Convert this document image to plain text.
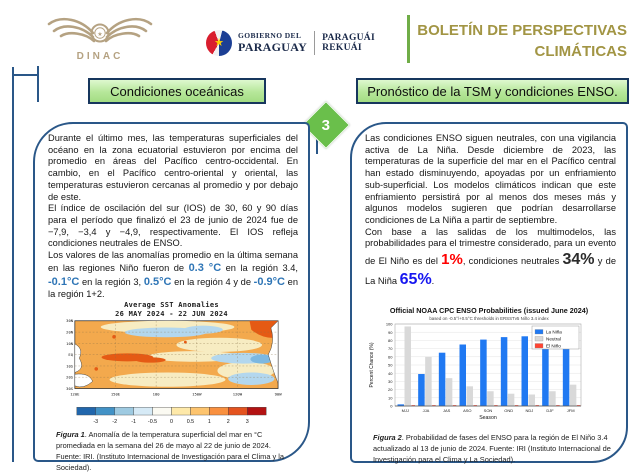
★
DINAC
★
GOBIERNO DEL
PARAGUAY
PARAGUÁI
REKUÁI
BOLETÍN DE PERSPECTIVAS
CLIMÁTICAS
Condiciones oceánicas	Pronóstico de la TSM y condiciones ENSO.
3

Durante el último mes, las temperaturas superficiales del océano en la zona ecuatorial estuvieron por encima del promedio en áreas del Pacífico centro-occidental. En cambio, en el Pacífico centro-oriental y oriental, las temperaturas estuvieron cercanas al promedio y por debajo de este.

El índice de oscilación del sur (IOS) de 30, 60 y 90 días para el período que finalizó el 23 de junio de 2024 fue de −7,9, −3,4 y −4,9, respectivamente. El IOS refleja condiciones neutrales de ENSO.

Los valores de las anomalías promedio en la última semana en las regiones Niño fueron de 0.3 °C en la región 3.4, -0.1°C en la región 3, 0.5°C en la región 4 y de -0.9°C en la región 1+2.

Average SST Anomalies
26 MAY 2024 - 22 JUN 2024
30N
20N
10N
EQ
10S
20S
30S
120E	150E	180	150W	120W	90W
-3	-2	-1 -0.5 0 0.5 1	2	3
Figura 1. Anomalía de la temperatura superficial del mar en °C promediada en la semana del 26 de mayo al 22 de junio de 2024. Fuente: IRI. (Instituto Internacional de Investigación para el Clima y la Sociedad).

Las condiciones ENSO siguen neutrales, con una vigilancia activa de La Niña. Desde diciembre de 2023, las temperaturas de la superficie del mar en el Pacífico central han estado disminuyendo, apoyadas por un enfriamiento sub-superficial. Los modelos climáticos indican que este enfriamiento persistirá por al menos dos meses más y algunos modelos sugieren que podrían desarrollarse condiciones de La Niña a partir de septiembre.

Con base a las salidas de los multimodelos, las probabilidades para el trimestre considerado, para un evento de El Niño es del 1%, condiciones neutrales 34% y de La Niña 65%.

Official NOAA CPC ENSO Probabilities (issued June 2024)
based on -0.5°/+0.5°C thresholds in ERSSTv5 Niño 3.4 index
0
10
20
30
40
50
60
70
80
90
100
MJJ	JJA	JAS	ASO	SON	OND	NDJ	DJF	JFM
Season
Percent Chance (%)
La Niña
Neutral
El Niño
Figura 2. Probabilidad de fases del ENSO para la región de El Niño 3.4 actualizado al 13 de junio de 2024. Fuente: IRI (Instituto Internacional de Investigación para el Clima y La Sociedad).
